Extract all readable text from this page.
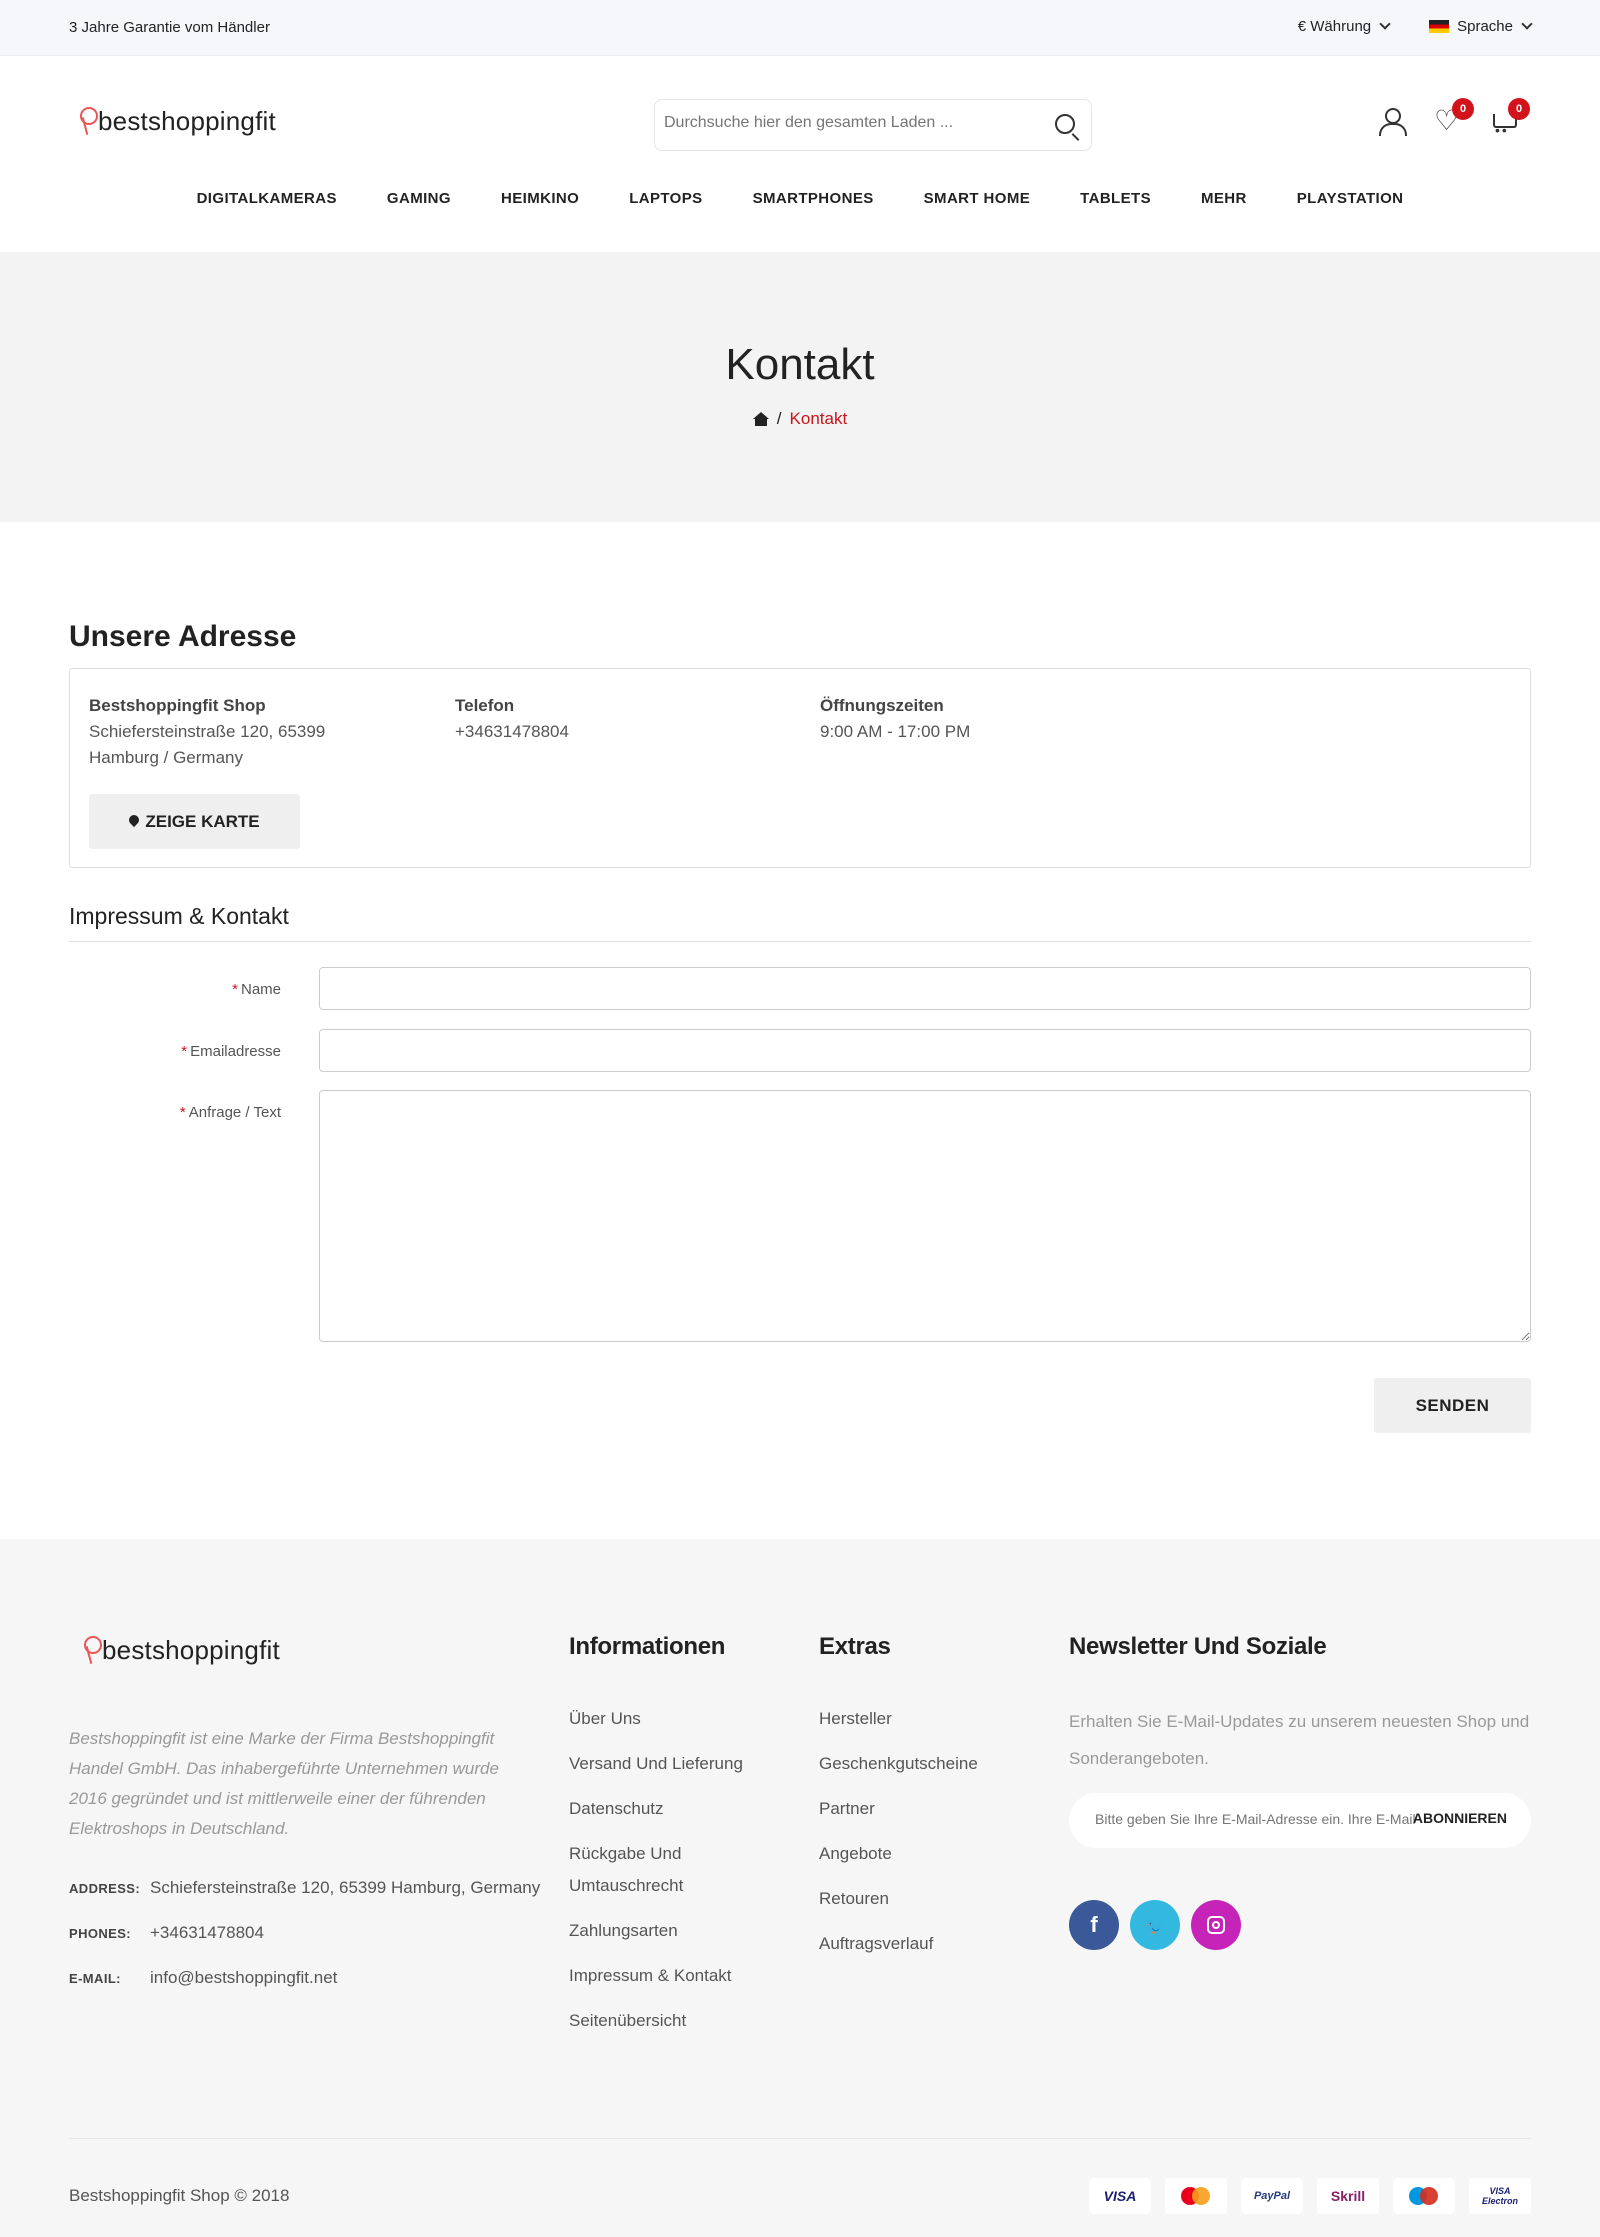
3 Jahre Garantie vom Händler	€ Währung	Sprache
bestshoppingfit
Durchsuche hier den gesamten Laden ...
♡	0	0
••
DIGITALKAMERAS	GAMING	HEIMKINO	LAPTOPS	SMARTPHONES	SMART HOME	TABLETS	MEHR	PLAYSTATION
Kontakt
/ Kontakt
Unsere Adresse
Bestshoppingfit Shop
Schiefersteinstraße 120, 65399
Hamburg / Germany
Telefon
+34631478804
Öffnungszeiten
9:00 AM - 17:00 PM
ZEIGE KARTE
Impressum & Kontakt
* Name
* Emailadresse
* Anfrage / Text
SENDEN
bestshoppingfit
Bestshoppingfit ist eine Marke der Firma Bestshoppingfit Handel GmbH. Das inhabergeführte Unternehmen wurde 2016 gegründet und ist mittlerweile einer der führenden Elektroshops in Deutschland.
ADDRESS: Schiefersteinstraße 120, 65399 Hamburg, Germany
PHONES:	+34631478804
E-MAIL:	info@bestshoppingfit.net
Informationen
Über Uns
Versand Und Lieferung
Datenschutz
Rückgabe Und Umtauschrecht
Zahlungsarten
Impressum & Kontakt
Seitenübersicht
Extras
Hersteller
Geschenkgutscheine
Partner
Angebote
Retouren
Auftragsverlauf
Newsletter Und Soziale
Erhalten Sie E-Mail-Updates zu unserem neuesten Shop und Sonderangeboten.
Bitte geben Sie Ihre E-Mail-Adresse ein. Ihre E-Mail-Adresse
ABONNIEREN
f
🐦
Bestshoppingfit Shop © 2018	VISA	PayPal	Skrill	VISA Electron
